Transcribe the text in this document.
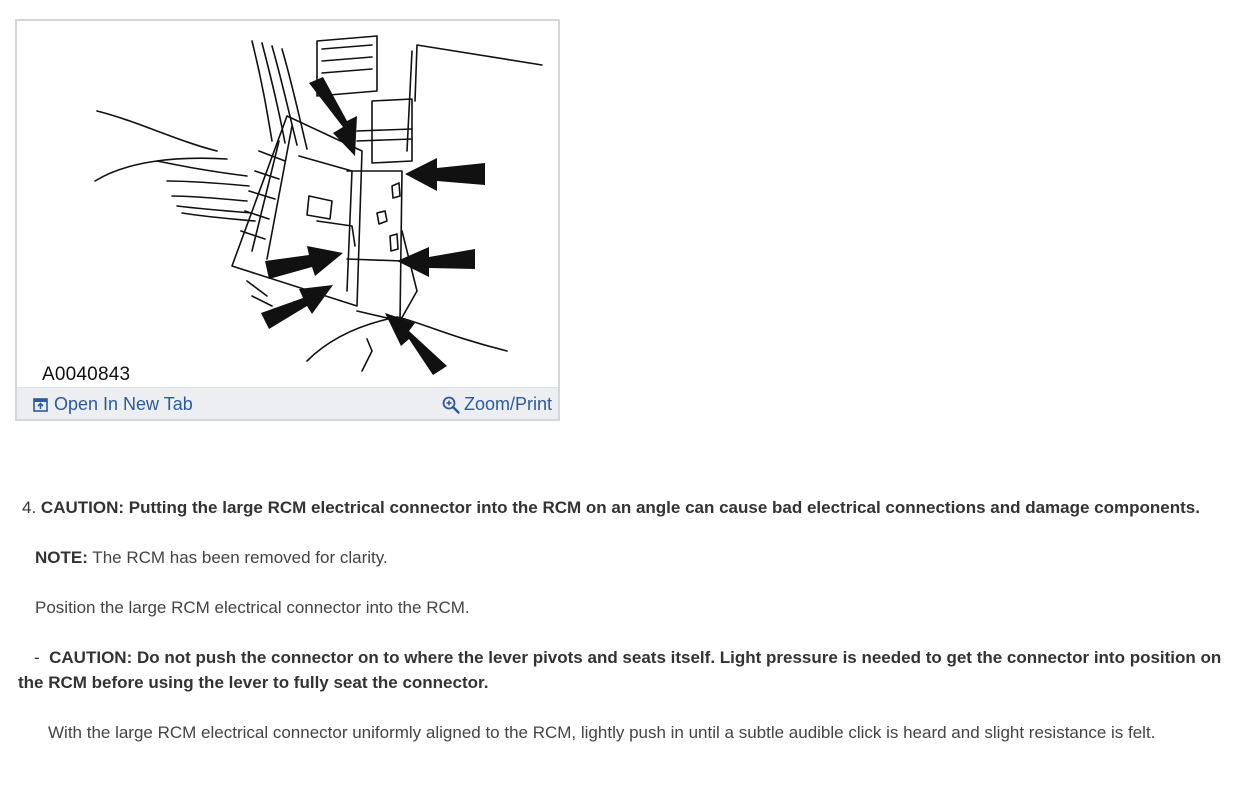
A0040843
Open In New Tab	Zoom/Print
4. CAUTION: Putting the large RCM electrical connector into the RCM on an angle can cause bad electrical connections and damage components.
NOTE: The RCM has been removed for clarity.
Position the large RCM electrical connector into the RCM.
- CAUTION: Do not push the connector on to where the lever pivots and seats itself. Light pressure is needed to get the connector into position on the RCM before using the lever to fully seat the connector.
With the large RCM electrical connector uniformly aligned to the RCM, lightly push in until a subtle audible click is heard and slight resistance is felt.
